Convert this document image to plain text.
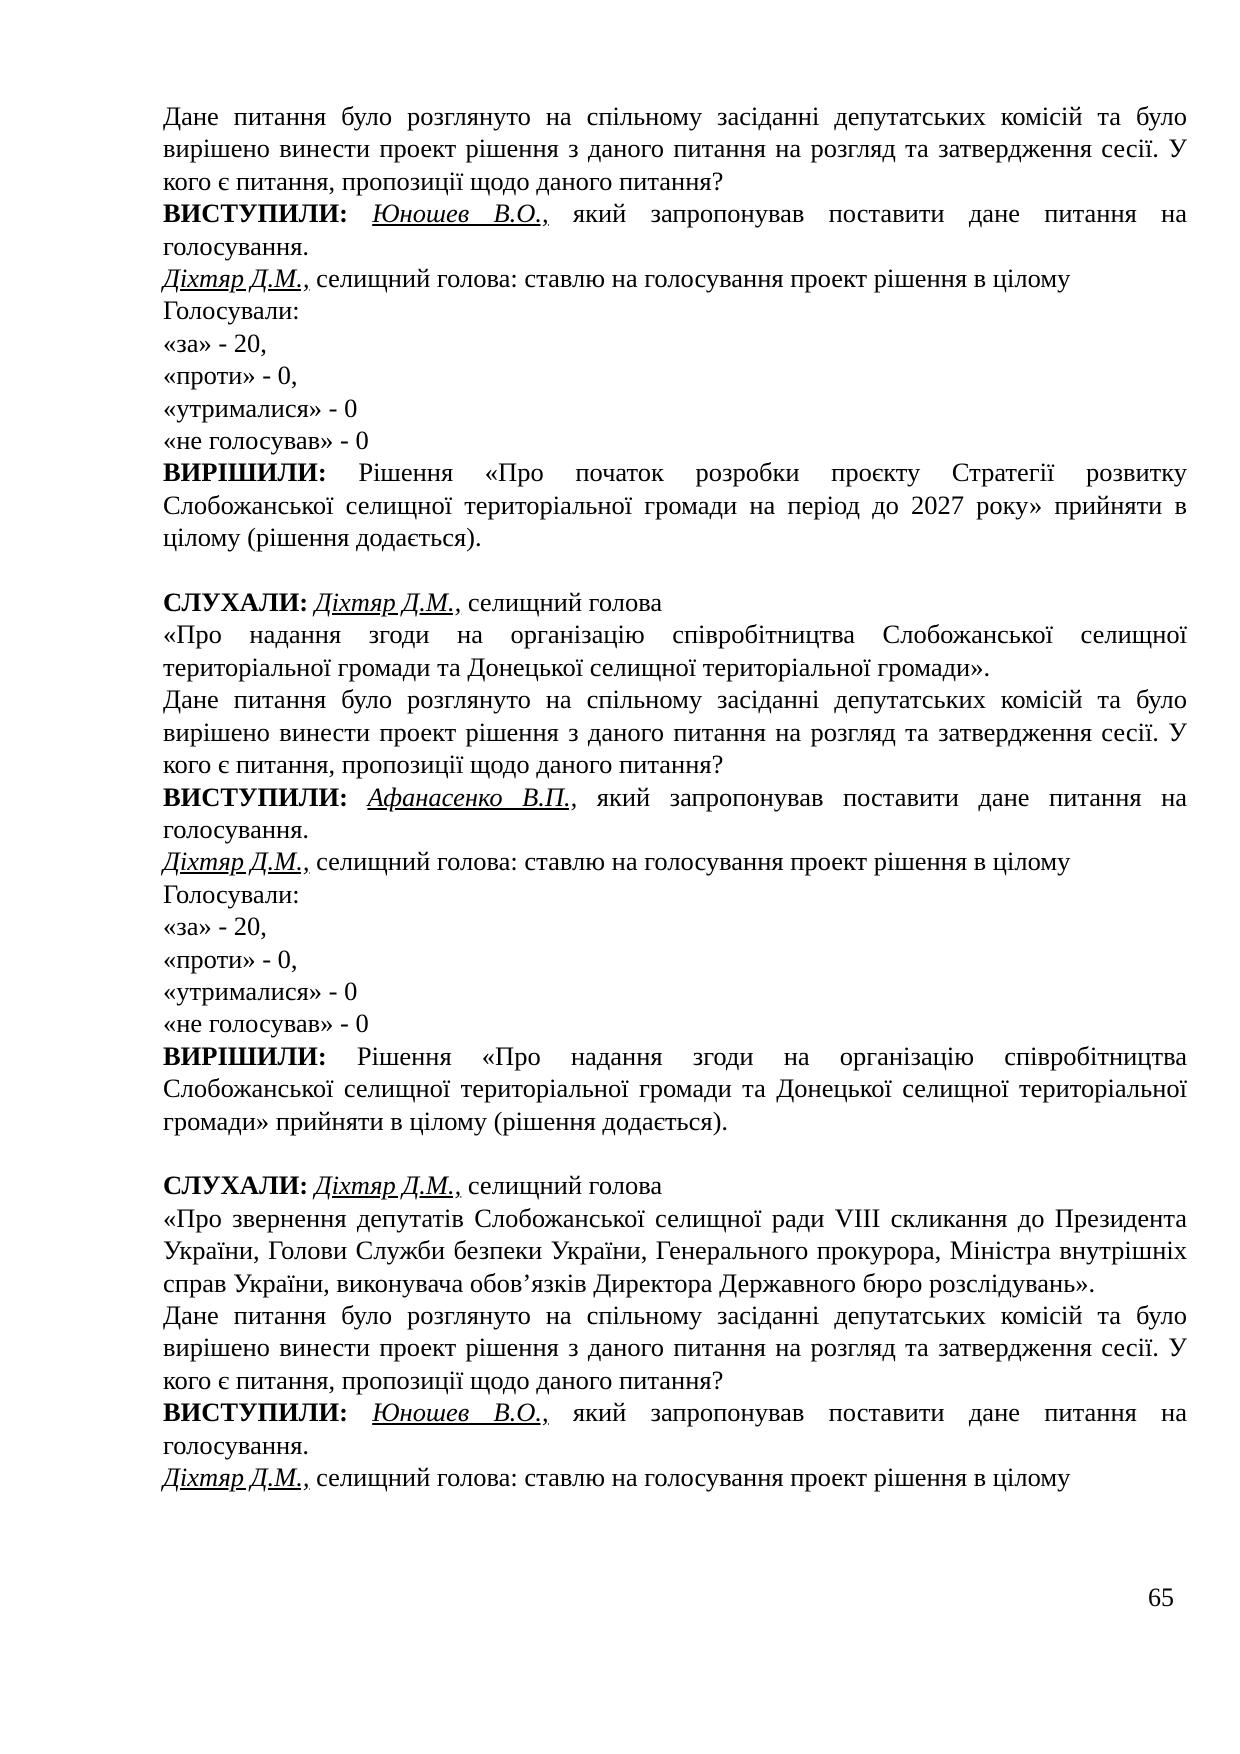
Дане питання було розглянуто на спільному засіданні депутатських комісій та було вирішено винести проект рішення з даного питання на розгляд та затвердження сесії. У кого є питання, пропозиції щодо даного питання?

ВИСТУПИЛИ: Юношев В.О., який запропонував поставити дане питання на голосування.

Діхтяр Д.М., селищний голова: ставлю на голосування проект рішення в цілому

Голосували:

«за» - 20,

«проти» - 0,

«утрималися» - 0

«не голосував» - 0

ВИРІШИЛИ: Рішення «Про початок розробки проєкту Стратегії розвитку Слобожанської селищної територіальної громади на період до 2027 року» прийняти в цілому (рішення додається).

СЛУХАЛИ: Діхтяр Д.М., селищний голова

«Про надання згоди на організацію співробітництва Слобожанської селищної територіальної громади та Донецької селищної територіальної громади».

Дане питання було розглянуто на спільному засіданні депутатських комісій та було вирішено винести проект рішення з даного питання на розгляд та затвердження сесії. У кого є питання, пропозиції щодо даного питання?

ВИСТУПИЛИ: Афанасенко В.П., який запропонував поставити дане питання на голосування.

Діхтяр Д.М., селищний голова: ставлю на голосування проект рішення в цілому

Голосували:

«за» - 20,

«проти» - 0,

«утрималися» - 0

«не голосував» - 0

ВИРІШИЛИ: Рішення «Про надання згоди на організацію співробітництва Слобожанської селищної територіальної громади та Донецької селищної територіальної громади» прийняти в цілому (рішення додається).

СЛУХАЛИ: Діхтяр Д.М., селищний голова

«Про звернення депутатів Слобожанської селищної ради VIII скликання до Президента України, Голови Служби безпеки України, Генерального прокурора, Міністра внутрішніх справ України, виконувача обов’язків Директора Державного бюро розслідувань».

Дане питання було розглянуто на спільному засіданні депутатських комісій та було вирішено винести проект рішення з даного питання на розгляд та затвердження сесії. У кого є питання, пропозиції щодо даного питання?

ВИСТУПИЛИ: Юношев В.О., який запропонував поставити дане питання на голосування.

Діхтяр Д.М., селищний голова: ставлю на голосування проект рішення в цілому

65
